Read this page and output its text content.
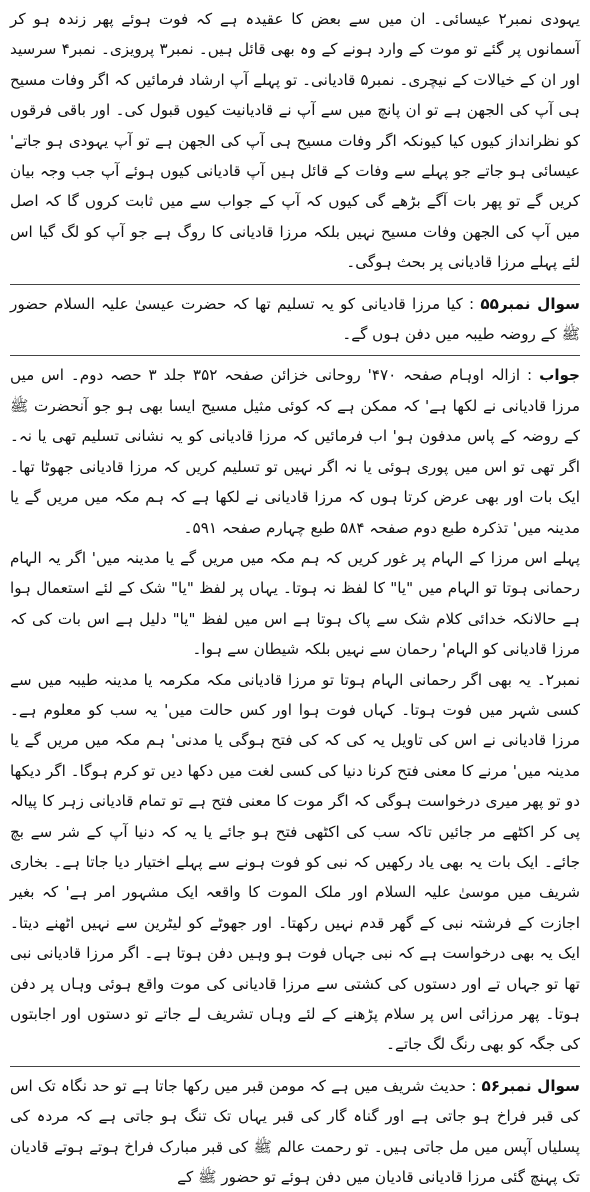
یہودی نمبر۲ عیسائی۔ ان میں سے بعض کا عقیدہ ہے کہ فوت ہوئے پھر زندہ ہو کر آسمانوں پر گئے تو موت کے وارد ہونے کے وہ بھی قائل ہیں۔ نمبر۳ پرویزی۔ نمبر۴ سرسید اور ان کے خیالات کے نیچری۔ نمبر۵ قادیانی۔ تو پہلے آپ ارشاد فرمائیں کہ اگر وفات مسیح ہی آپ کی الجھن ہے تو ان پانچ میں سے آپ نے قادیانیت کیوں قبول کی۔ اور باقی فرقوں کو نظرانداز کیوں کیا کیونکہ اگر وفات مسیح ہی آپ کی الجھن ہے تو آپ یہودی ہو جاتے' عیسائی ہو جاتے جو پہلے سے وفات کے قائل ہیں آپ قادیانی کیوں ہوئے آپ جب وجہ بیان کریں گے تو پھر بات آگے بڑھے گی کیوں کہ آپ کے جواب سے میں ثابت کروں گا کہ اصل میں آپ کی الجھن وفات مسیح نہیں بلکہ مرزا قادیانی کا روگ ہے جو آپ کو لگ گیا اس لئے پہلے مرزا قادیانی پر بحث ہوگی۔

سوال نمبر۵۵ : کیا مرزا قادیانی کو یہ تسلیم تھا کہ حضرت عیسیٰ علیہ السلام حضور ﷺ کے روضہ طیبہ میں دفن ہوں گے۔

جواب : ازالہ اوہام صفحہ ۴۷۰' روحانی خزائن صفحہ ۳۵۲ جلد ۳ حصہ دوم۔ اس میں مرزا قادیانی نے لکھا ہے' کہ ممکن ہے کہ کوئی مثیل مسیح ایسا بھی ہو جو آنحضرت ﷺ کے روضہ کے پاس مدفون ہو' اب فرمائیں کہ مرزا قادیانی کو یہ نشانی تسلیم تھی یا نہ۔ اگر تھی تو اس میں پوری ہوئی یا نہ اگر نہیں تو تسلیم کریں کہ مرزا قادیانی جھوٹا تھا۔ ایک بات اور بھی عرض کرتا ہوں کہ مرزا قادیانی نے لکھا ہے کہ ہم مکہ میں مریں گے یا مدینہ میں' تذکرہ طبع دوم صفحہ ۵۸۴ طبع چہارم صفحہ ۵۹۱۔

پہلے اس مرزا کے الہام پر غور کریں کہ ہم مکہ میں مریں گے یا مدینہ میں' اگر یہ الہام رحمانی ہوتا تو الہام میں "یا" کا لفظ نہ ہوتا۔ یہاں پر لفظ "یا" شک کے لئے استعمال ہوا ہے حالانکہ خدائی کلام شک سے پاک ہوتا ہے اس میں لفظ "یا" دلیل ہے اس بات کی کہ مرزا قادیانی کو الہام' رحمان سے نہیں بلکہ شیطان سے ہوا۔

نمبر۲۔ یہ بھی اگر رحمانی الہام ہوتا تو مرزا قادیانی مکہ مکرمہ یا مدینہ طیبہ میں سے کسی شہر میں فوت ہوتا۔ کہاں فوت ہوا اور کس حالت میں' یہ سب کو معلوم ہے۔ مرزا قادیانی نے اس کی تاویل یہ کی کہ کی فتح ہوگی یا مدنی' ہم مکہ میں مریں گے یا مدینہ میں' مرنے کا معنی فتح کرنا دنیا کی کسی لغت میں دکھا دیں تو کرم ہوگا۔ اگر دیکھا دو تو پھر میری درخواست ہوگی کہ اگر موت کا معنی فتح ہے تو تمام قادیانی زہر کا پیالہ پی کر اکٹھے مر جائیں تاکہ سب کی اکٹھی فتح ہو جائے یا یہ کہ دنیا آپ کے شر سے بچ جائے۔ ایک بات یہ بھی یاد رکھیں کہ نبی کو فوت ہونے سے پہلے اختیار دیا جاتا ہے۔ بخاری شریف میں موسیٰ علیہ السلام اور ملک الموت کا واقعہ ایک مشہور امر ہے' کہ بغیر اجازت کے فرشتہ نبی کے گھر قدم نہیں رکھتا۔ اور جھوٹے کو لیٹرین سے نہیں اٹھنے دیتا۔ ایک یہ بھی درخواست ہے کہ نبی جہاں فوت ہو وہیں دفن ہوتا ہے۔ اگر مرزا قادیانی نبی تھا تو جہاں تے اور دستوں کی کشتی سے مرزا قادیانی کی موت واقع ہوئی وہاں پر دفن ہوتا۔ پھر مرزائی اس پر سلام پڑھنے کے لئے وہاں تشریف لے جاتے تو دستوں اور اجابتوں کی جگہ کو بھی رنگ لگ جاتے۔

سوال نمبر۵۶ : حدیث شریف میں ہے کہ مومن قبر میں رکھا جاتا ہے تو حد نگاہ تک اس کی قبر فراخ ہو جاتی ہے اور گناہ گار کی قبر یہاں تک تنگ ہو جاتی ہے کہ مردہ کی پسلیاں آپس میں مل جاتی ہیں۔ تو رحمت عالم ﷺ کی قبر مبارک فراخ ہوتے ہوتے قادیان تک پہنچ گئی مرزا قادیانی قادیان میں دفن ہوئے تو حضور ﷺ کے
